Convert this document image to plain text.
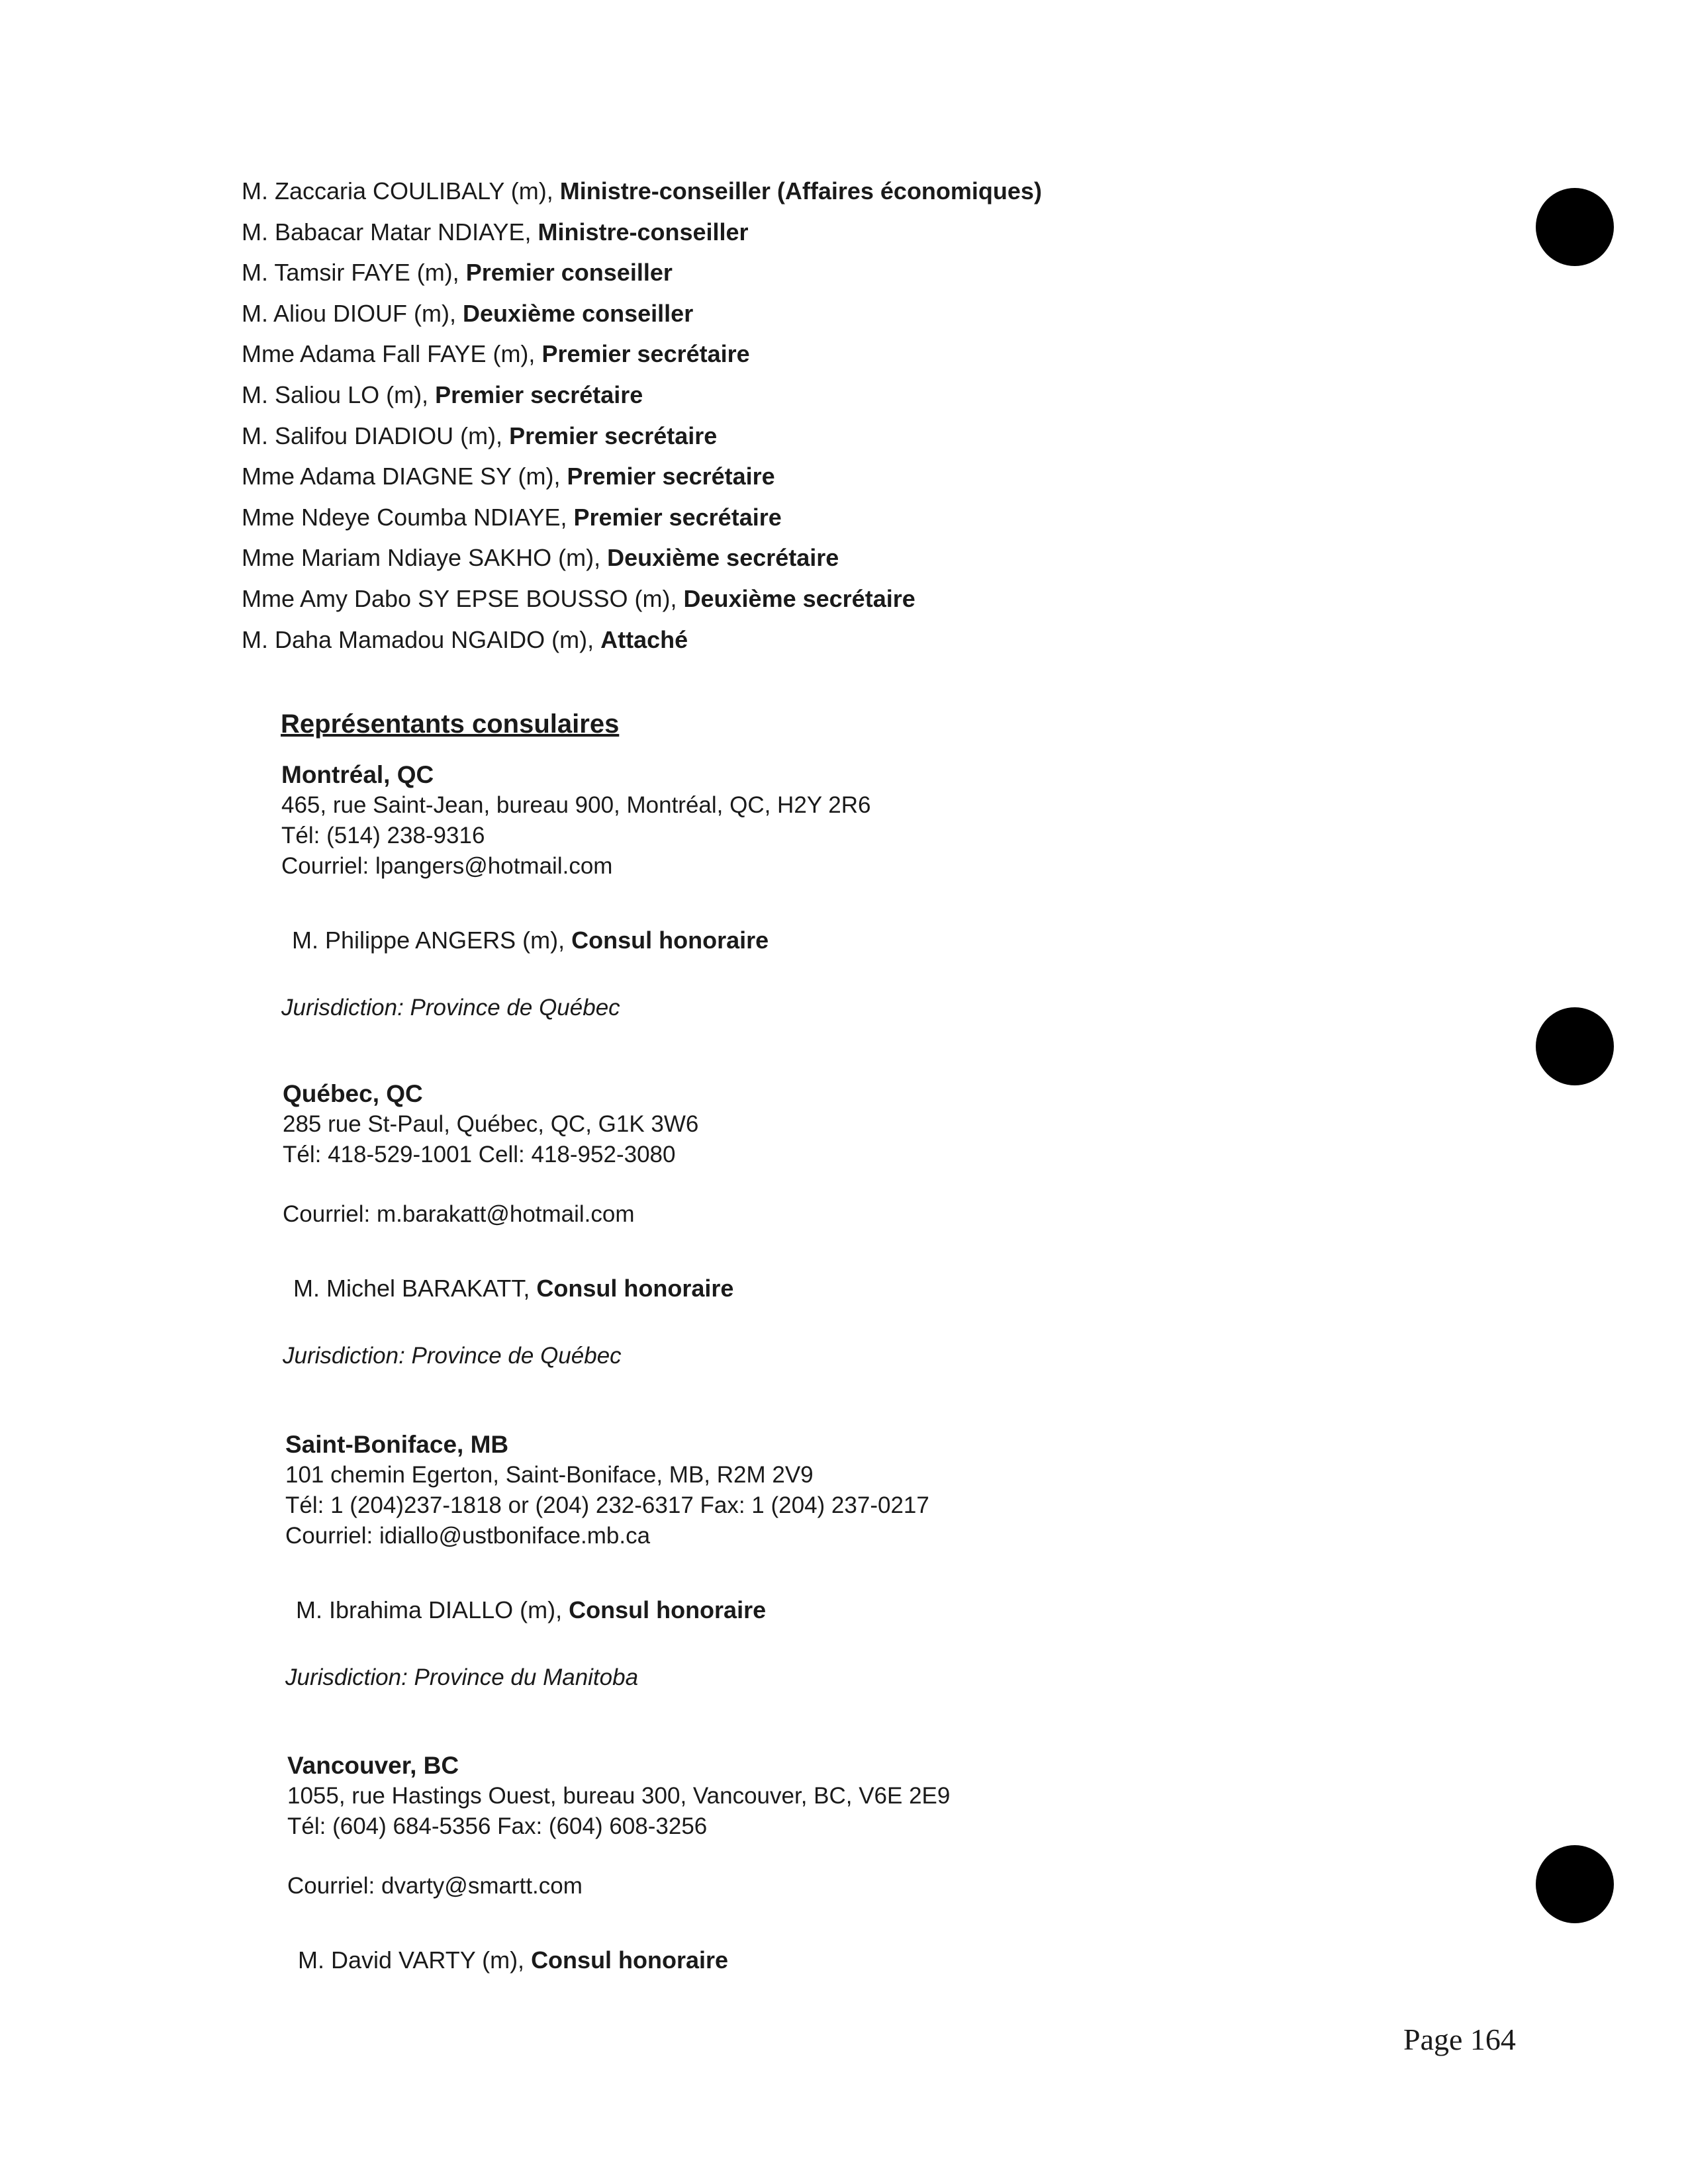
M. Zaccaria COULIBALY (m), Ministre-conseiller (Affaires économiques)
M. Babacar Matar NDIAYE, Ministre-conseiller
M. Tamsir FAYE (m), Premier conseiller
M. Aliou DIOUF (m), Deuxième conseiller
Mme Adama Fall FAYE (m), Premier secrétaire
M. Saliou LO (m), Premier secrétaire
M. Salifou DIADIOU (m), Premier secrétaire
Mme Adama DIAGNE SY (m), Premier secrétaire
Mme Ndeye Coumba NDIAYE, Premier secrétaire
Mme Mariam Ndiaye SAKHO (m), Deuxième secrétaire
Mme Amy Dabo SY EPSE BOUSSO (m), Deuxième secrétaire
M. Daha Mamadou NGAIDO (m), Attaché
Représentants consulaires
Montréal, QC
465, rue Saint-Jean, bureau 900, Montréal, QC, H2Y 2R6
Tél: (514) 238-9316
Courriel: lpangers@hotmail.com
M. Philippe ANGERS (m), Consul honoraire
Jurisdiction: Province de Québec
Québec, QC
285 rue St-Paul, Québec, QC, G1K 3W6
Tél: 418-529-1001 Cell: 418-952-3080
Courriel: m.barakatt@hotmail.com
M. Michel BARAKATT, Consul honoraire
Jurisdiction: Province de Québec
Saint-Boniface, MB
101 chemin Egerton, Saint-Boniface, MB, R2M 2V9
Tél: 1 (204)237-1818 or (204) 232-6317 Fax: 1 (204) 237-0217
Courriel: idiallo@ustboniface.mb.ca
M. Ibrahima DIALLO (m), Consul honoraire
Jurisdiction: Province du Manitoba
Vancouver, BC
1055, rue Hastings Ouest, bureau 300, Vancouver, BC, V6E 2E9
Tél: (604) 684-5356 Fax: (604) 608-3256
Courriel: dvarty@smartt.com
M. David VARTY (m), Consul honoraire
Page 164
